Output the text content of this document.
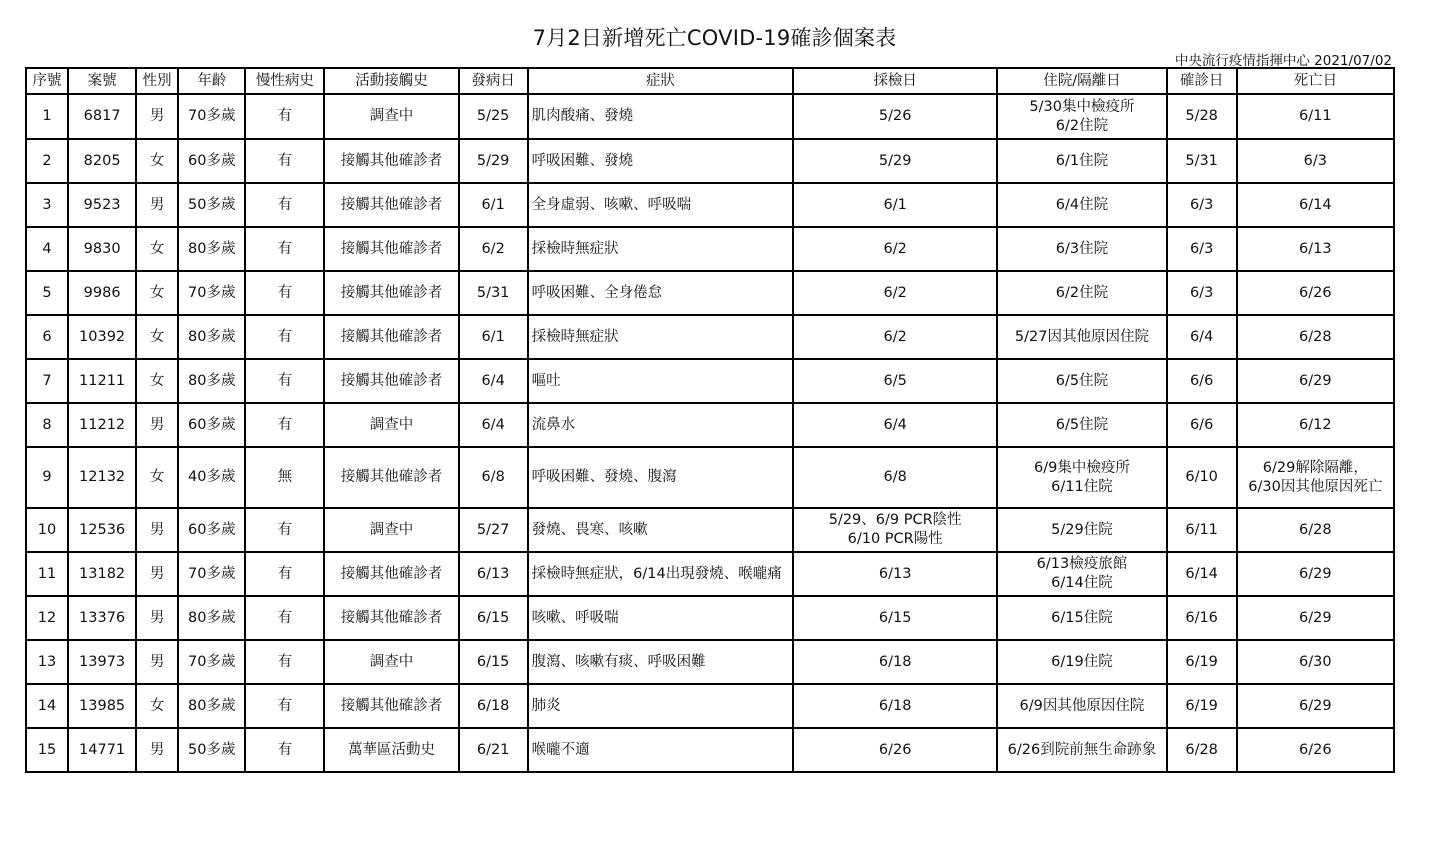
7月2日新增死亡COVID-19確診個案表
中央流行疫情指揮中心 2021/07/02
序號	案號	性別	年齡	慢性病史	活動接觸史	發病日	症狀	採檢日	住院/隔離日	確診日	死亡日
1	6817	男	70多歲	有	調查中	5/25	肌肉酸痛、發燒	5/26	5/30集中檢疫所
6/2住院	5/28	6/11

2	8205	女	60多歲	有	接觸其他確診者	5/29	呼吸困難、發燒	5/29	6/1住院	5/31	6/3

3	9523	男	50多歲	有	接觸其他確診者	6/1	全身虛弱、咳嗽、呼吸喘	6/1	6/4住院	6/3	6/14

4	9830	女	80多歲	有	接觸其他確診者	6/2	採檢時無症狀	6/2	6/3住院	6/3	6/13

5	9986	女	70多歲	有	接觸其他確診者	5/31	呼吸困難、全身倦怠	6/2	6/2住院	6/3	6/26

6	10392	女	80多歲	有	接觸其他確診者	6/1	採檢時無症狀	6/2	5/27因其他原因住院	6/4	6/28

7	11211	女	80多歲	有	接觸其他確診者	6/4	嘔吐	6/5	6/5住院	6/6	6/29

8	11212	男	60多歲	有	調查中	6/4	流鼻水	6/4	6/5住院	6/6	6/12

9	12132	女	40多歲	無	接觸其他確診者	6/8	呼吸困難、發燒、腹瀉	6/8	6/9集中檢疫所
6/11住院	6/10	6/29解除隔離，
6/30因其他原因死亡

10	12536	男	60多歲	有	調查中	5/27	發燒、畏寒、咳嗽	5/29、6/9 PCR陰性
6/10 PCR陽性	5/29住院	6/11	6/28

11	13182	男	70多歲	有	接觸其他確診者	6/13	採檢時無症狀，6/14出現發燒、喉嚨痛	6/13	6/13檢疫旅館
6/14住院	6/14	6/29

12	13376	男	80多歲	有	接觸其他確診者	6/15	咳嗽、呼吸喘	6/15	6/15住院	6/16	6/29

13	13973	男	70多歲	有	調查中	6/15	腹瀉、咳嗽有痰、呼吸困難	6/18	6/19住院	6/19	6/30

14	13985	女	80多歲	有	接觸其他確診者	6/18	肺炎	6/18	6/9因其他原因住院	6/19	6/29

15	14771	男	50多歲	有	萬華區活動史	6/21	喉嚨不適	6/26	6/26到院前無生命跡象	6/28	6/26
